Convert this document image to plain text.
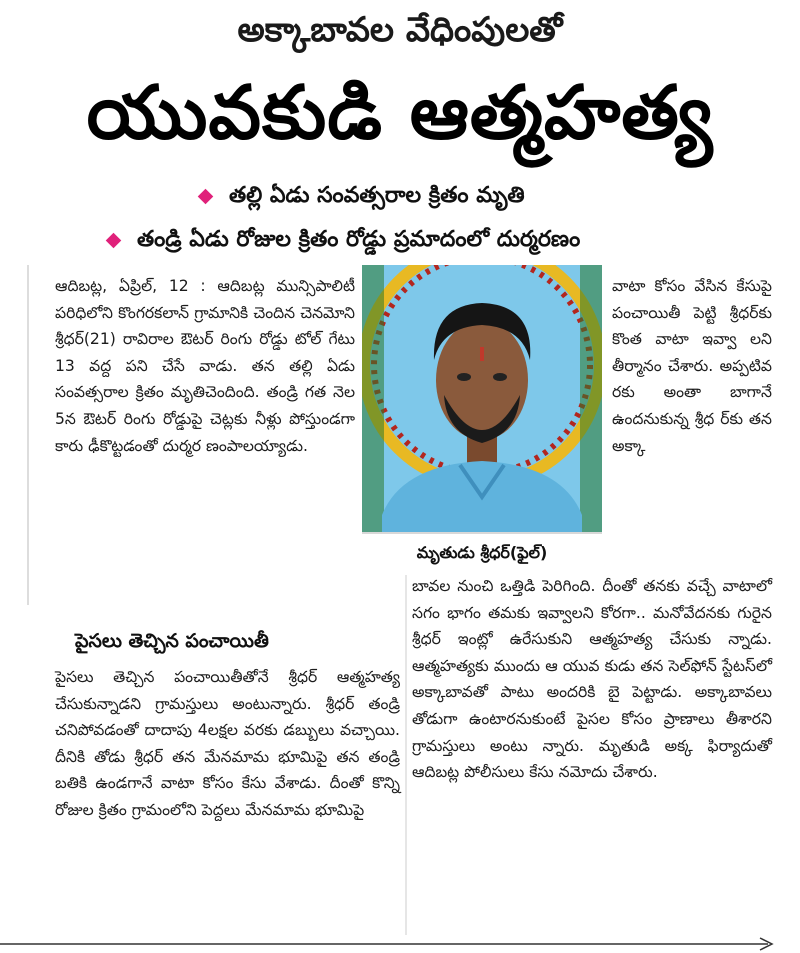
అక్కాబావల వేధింపులతో
యువకుడి ఆత్మహత్య
తల్లి ఏడు సంవత్సరాల క్రితం మృతి
తండ్రి ఏడు రోజుల క్రితం రోడ్డు ప్రమాదంలో దుర్మరణం

ఆదిబట్ల, ఏప్రిల్, 12 : ఆదిబట్ల మున్సిపాలిటీ పరిధిలోని కొంగరకలాన్ గ్రామానికి చెందిన చెనమోని శ్రీధర్(21) రావిరాల ఔటర్ రింగు రోడ్డు టోల్ గేటు 13 వద్ద పని చేసే వాడు. తన తల్లి ఏడు సంవత్సరాల క్రితం మృతిచెందింది. తండ్రి గత నెల 5న ఔటర్ రింగు రోడ్డుపై చెట్లకు నీళ్లు పోస్తుండగా కారు ఢీకొట్టడంతో దుర్మర ణంపాలయ్యాడు.

పైసలు తెచ్చిన పంచాయితీ

పైసలు తెచ్చిన పంచాయితీతోనే శ్రీధర్ ఆత్మహత్య చేసుకున్నాడని గ్రామస్తులు అంటున్నారు. శ్రీధర్ తండ్రి చనిపోవడంతో దాదాపు 4లక్షల వరకు డబ్బులు వచ్చాయి. దీనికి తోడు శ్రీధర్ తన మేనమామ భూమిపై తన తండ్రి బతికి ఉండగానే వాటా కోసం కేసు వేశాడు. దీంతో కొన్ని రోజుల క్రితం గ్రామంలోని పెద్దలు మేనమామ భూమిపై

మృతుడు శ్రీధర్(ఫైల్)

వాటా కోసం వేసిన కేసుపై పంచాయితీ పెట్టి శ్రీధర్‌కు కొంత వాటా ఇవ్వా లని తీర్మానం చేశారు. అప్పటివ రకు అంతా బాగానే ఉందనుకున్న శ్రీధ ర్‌కు తన అక్కా

బావల నుంచి ఒత్తిడి పెరిగింది. దీంతో తనకు వచ్చే వాటాలో సగం భాగం తమకు ఇవ్వాలని కోరగా.. మనోవేదనకు గురైన శ్రీధర్ ఇంట్లో ఉరేసుకుని ఆత్మహత్య చేసుకు న్నాడు. ఆత్మహత్యకు ముందు ఆ యువ కుడు తన సెల్‌ఫోన్ స్టేటస్‌లో అక్కాబావతో పాటు అందరికి బై పెట్టాడు. అక్కాబావలు తోడుగా ఉంటారనుకుంటే పైసల కోసం ప్రాణాలు తీశారని గ్రామస్తులు అంటు న్నారు. మృతుడి అక్క ఫిర్యాదుతో ఆదిబట్ల పోలీసులు కేసు నమోదు చేశారు.
